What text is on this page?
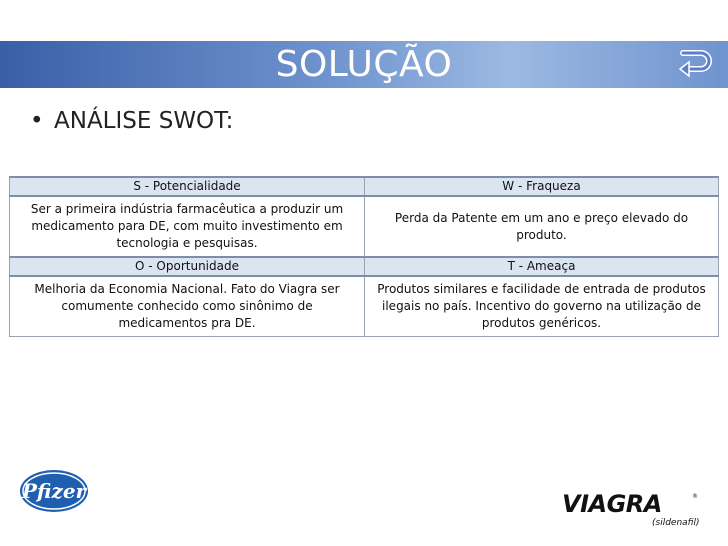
SOLUÇÃO
• ANÁLISE SWOT:
S - Potencialidade	W - Fraqueza
Ser a primeira indústria farmacêutica a produzir um medicamento para DE, com muito investimento em tecnologia e pesquisas.	Perda da Patente em um ano e preço elevado do produto.
O - Oportunidade	T - Ameaça
Melhoria da Economia Nacional. Fato do Viagra ser comumente conhecido como sinônimo de medicamentos pra DE.	Produtos similares e facilidade de entrada de produtos ilegais no país. Incentivo do governo na utilização de produtos genéricos.
Pfizer	VIAGRA	®
(sildenafil)
